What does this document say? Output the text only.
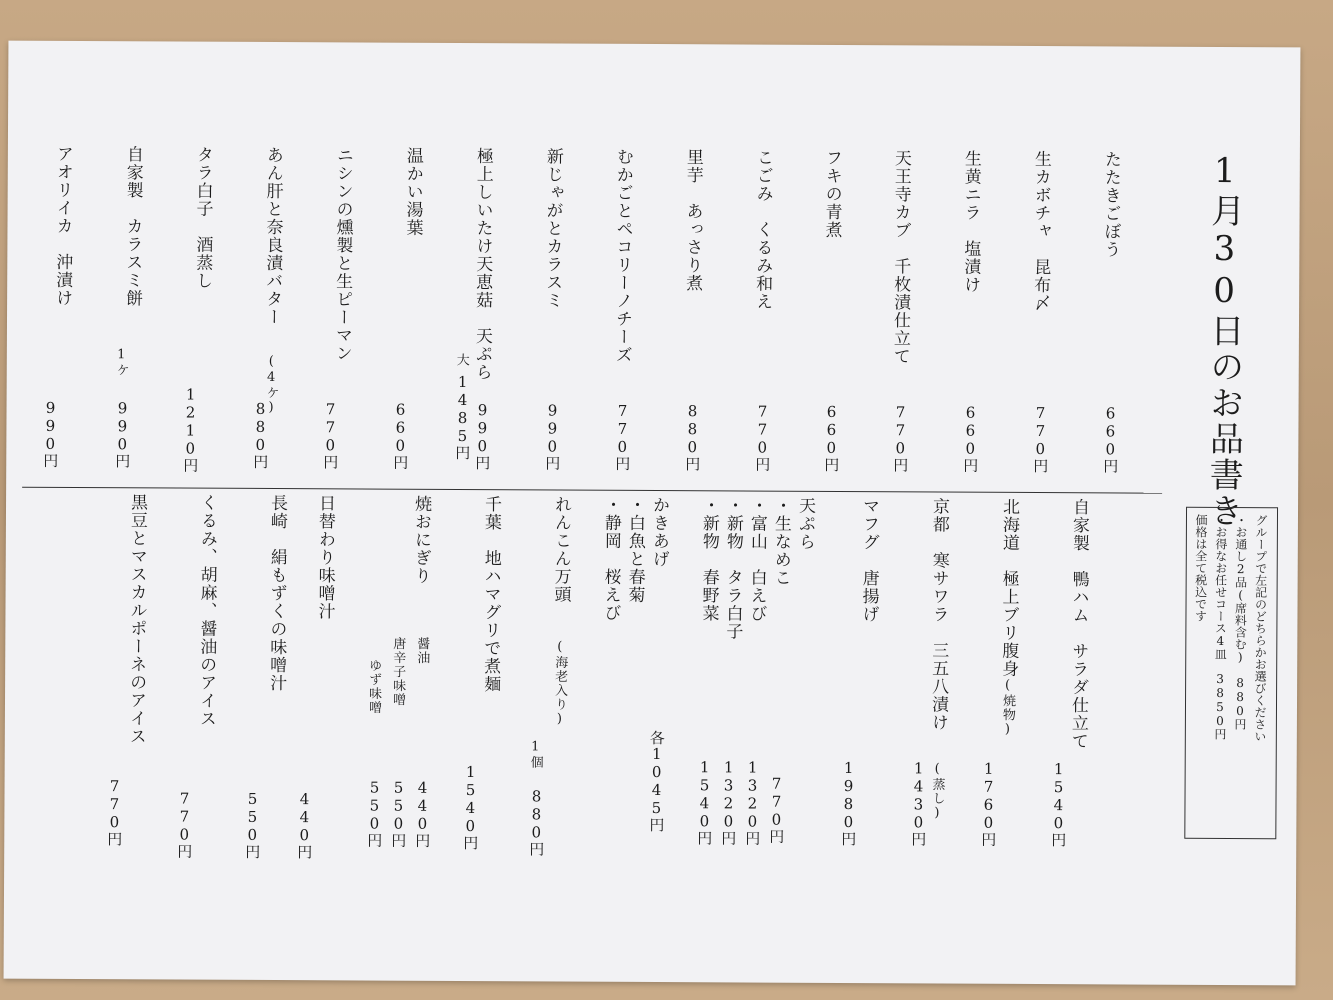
1月30日のお品書き
たたきごぼう
660円
生カボチャ　昆布〆
770円
生黄ニラ　塩漬け
660円
天王寺カブ　千枚漬仕立て
770円
フキの青煮
660円
こごみ　くるみ和え
770円
里芋　あっさり煮
880円
むかごとペコリーノチーズ
770円
新じゃがとカラスミ
990円
極上しいたけ天恵菇　天ぷら
990円
大
1485円
温かい湯葉
660円
ニシンの燻製と生ピーマン
770円
あん肝と奈良漬バター
(4ケ)
880円
タラ白子　酒蒸し
1210円
自家製　カラスミ餅
1ケ
990円
アオリイカ　沖漬け
990円
自家製　鴨ハム　サラダ仕立て
1540円
北海道　極上ブリ腹身
(焼物)
1760円
京都　寒サワラ　三五八漬け
(蒸し)
1430円
マフグ　唐揚げ
1980円
天ぷら
・生なめこ
770円
・富山　白えび
1320円
・新物　タラ白子
1320円
・新物　春野菜
1540円
かきあげ
・白魚と春菊
・静岡　桜えび
各1045円
れんこん万頭
(海老入り)
1個
880円
千葉　地ハマグリで煮麺
1540円
焼おにぎり
醤油
440円
唐辛子味噌
550円
ゆず味噌
550円
日替わり味噌汁
440円
長崎　絹もずくの味噌汁
550円
くるみ、胡麻、醤油のアイス
770円
黒豆とマスカルポーネのアイス
770円
グループで左記のどちらかお選びください
・お通し2品(席料含む)　880円
・お得なお任せコース4皿　3850円
価格は全て税込です
